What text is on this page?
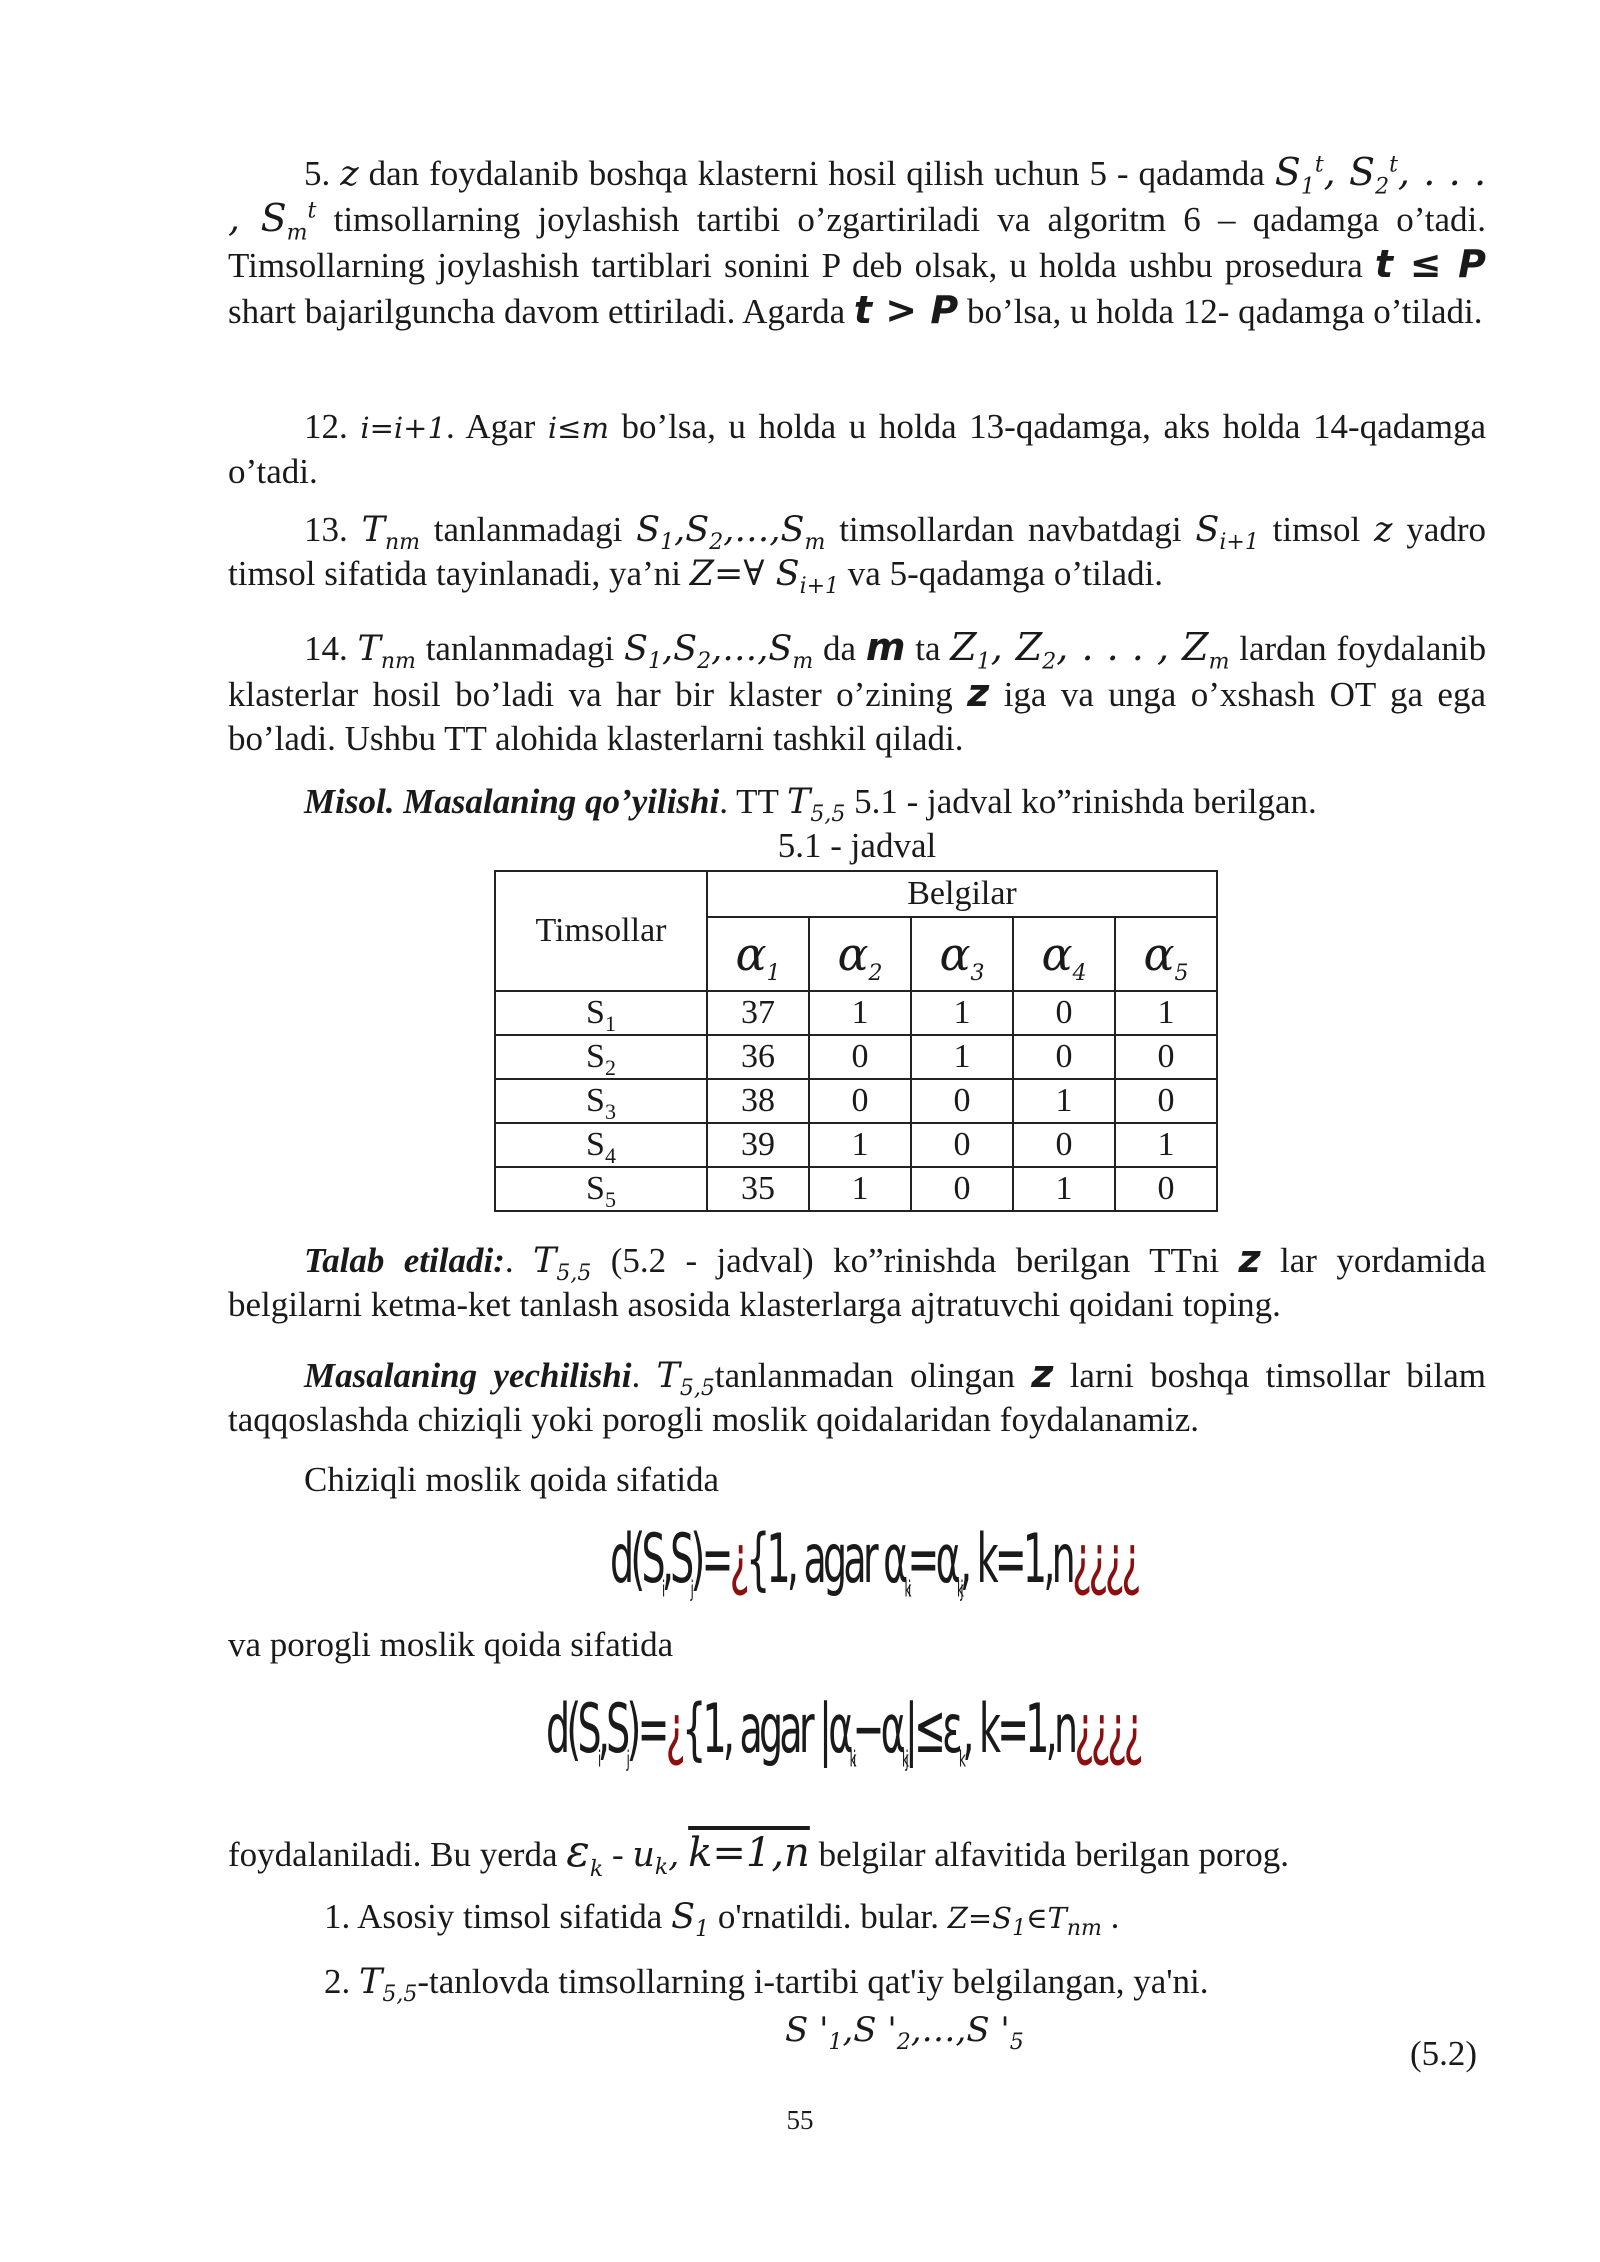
5. z dan foydalanib boshqa klasterni hosil qilish uchun 5 - qadamda $S_1^t$, $S_2^t$, . . . , $S_m^t$ timsollarning joylashish tartibi o’zgartiriladi va algoritm 6 – qadamga o’tadi. Timsollarning joylashish tartiblari sonini P deb olsak, u holda ushbu prosedura t ≤ P shart bajarilguncha davom ettiriladi. Agarda t > P bo’lsa, u holda 12- qadamga o’tiladi.

12. i=i+1. Agar i≤m bo’lsa, u holda u holda 13-qadamga, aks holda 14-qadamga o’tadi.

13. $T_{nm}$ tanlanmadagi $S_1,S_2,\dots,S_m$ timsollardan navbatdagi $S_{i+1}$ timsol z yadro timsol sifatida tayinlanadi, ya’ni Z=∀ $S_{i+1}$ va 5-qadamga o’tiladi.

14. $T_{nm}$ tanlanmadagi $S_1,S_2,\dots,S_m$ da m ta $Z_1$, $Z_2$, . . . , $Z_m$ lardan foydalanib klasterlar hosil bo’ladi va har bir klaster o’zining z iga va unga o’xshash OT ga ega bo’ladi. Ushbu TT alohida klasterlarni tashkil qiladi.

Misol. Masalaning qo’yilishi. TT $T_{5,5}$ 5.1 - jadval ko”rinishda berilgan.

5.1 - jadval
Timsollar	Belgilar				
	$\alpha_1$	$\alpha_2$	$\alpha_3$	$\alpha_4$	$\alpha_5$
$S_1$	37	1	1	0	1
$S_2$	36	0	1	0	0
$S_3$	38	0	0	1	0
$S_4$	39	1	0	0	1
$S_5$	35	1	0	1	0

Talab etiladi:. $T_{5,5}$ (5.2 - jadval) ko”rinishda berilgan TTni z lar yordamida belgilarni ketma-ket tanlash asosida klasterlarga ajtratuvchi qoidani toping.

Masalaning yechilishi. $T_{5,5}tanlanmadan$ olingan z larni boshqa timsollar bilam taqqoslashda chiziqli yoki porogli moslik qoidalaridan foydalanamiz.

Chiziqli moslik qoida sifatida

d(S,S)=¿{1, agar $\alpha_{ki}=\alpha_{kj}$, k=1,n¿¿¿¿

va porogli moslik qoida sifatida

d(S,S)=¿{1, agar $|\alpha_{ki}-\alpha_{kj}|\le\varepsilon_k$, k=1,n¿¿¿¿

foydalaniladi. Bu yerda $\varepsilon_k - u_k$, k=1,n belgilar alfavitida berilgan porog.

1. Asosiy timsol sifatida $S_1$ o'rnatildi. bular. $Z=S_1\in T_{nm}$ .

2. $T_{5,5}$-tanlovda timsollarning i-tartibi qat'iy belgilangan, ya'ni.

S '$_1,S$ '$_2,\dots,S$ '$_5$	(5.2)
55
